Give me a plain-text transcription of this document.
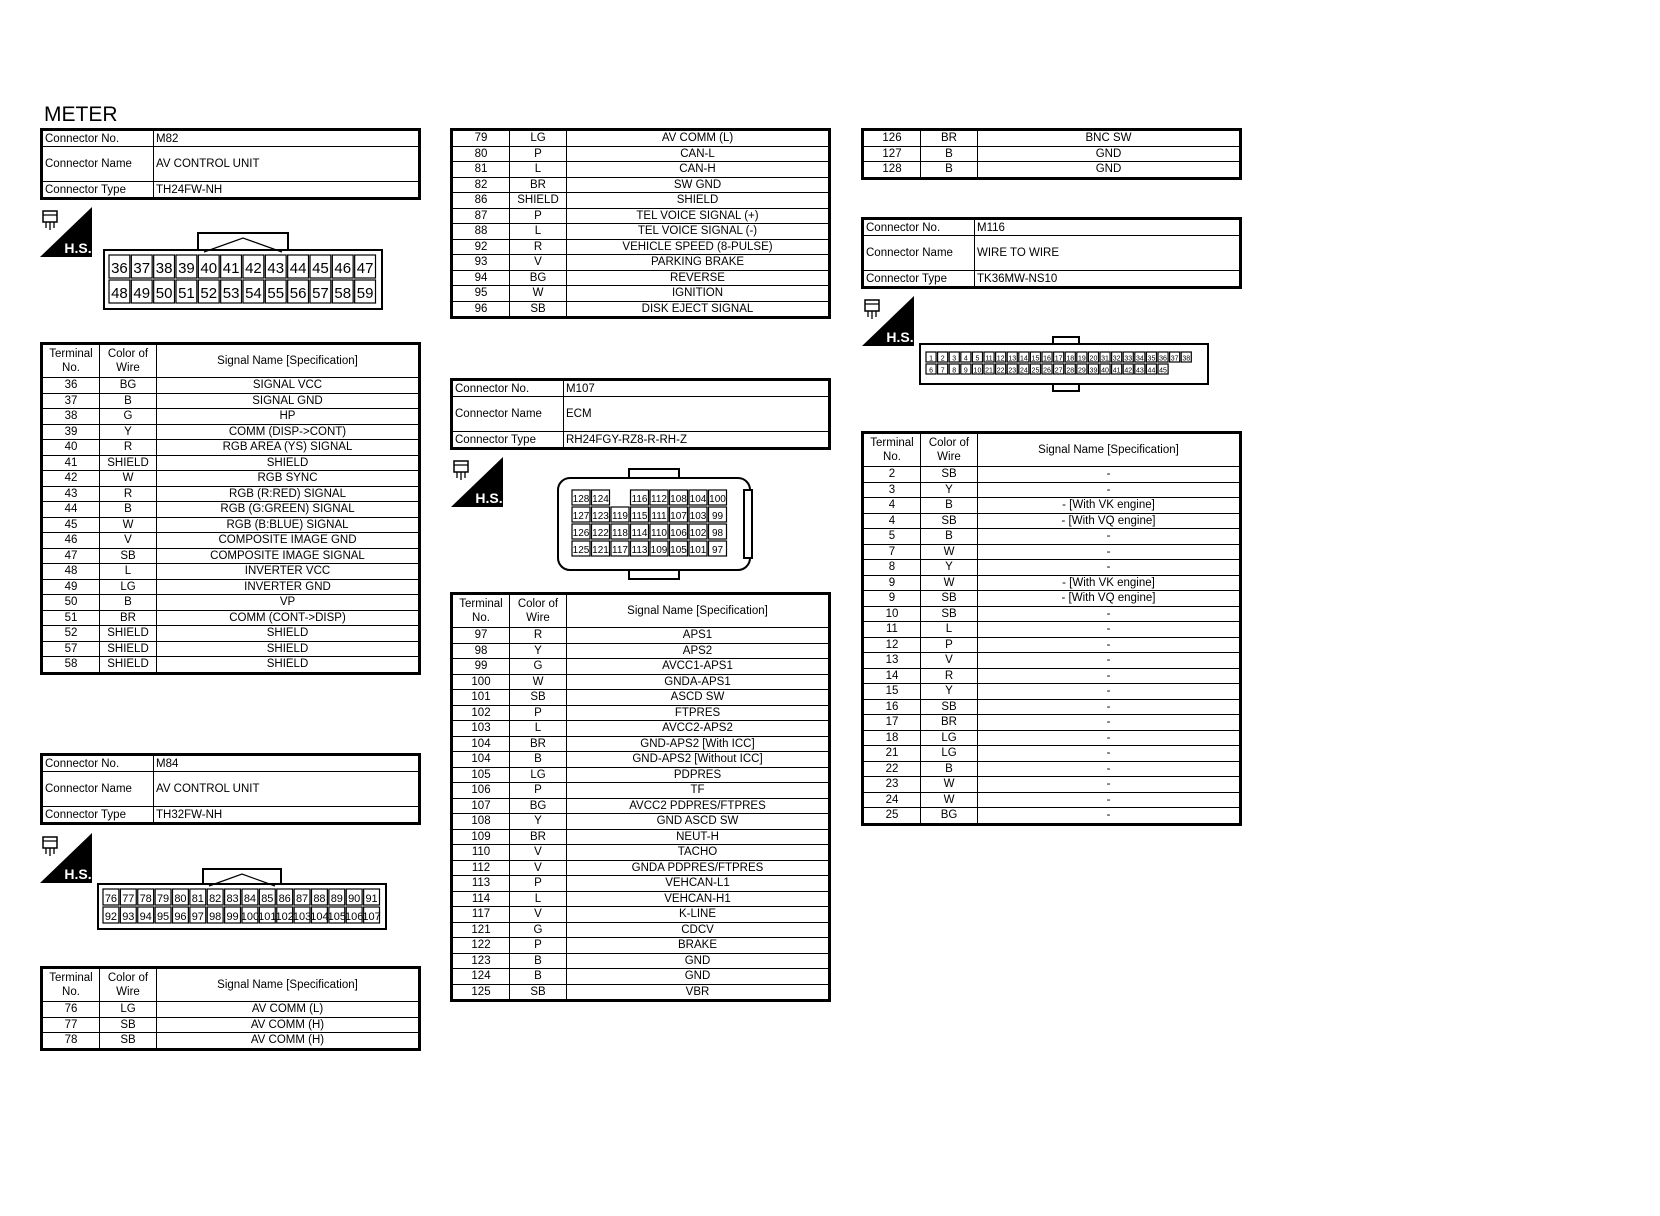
METER
Connector No.	M82
Connector Name	AV CONTROL UNIT
Connector Type	TH24FW-NH
H.S.
36 37 38 39 40 41 42 43 44 45 46 47
48 49 50 51 52 53 54 55 56 57 58 59
Terminal No.	Color of Wire	Signal Name [Specification]
36	BG	SIGNAL VCC
37	B	SIGNAL GND
38	G	HP
39	Y	COMM (DISP->CONT)
40	R	RGB AREA (YS) SIGNAL
41	SHIELD	SHIELD
42	W	RGB SYNC
43	R	RGB (R:RED) SIGNAL
44	B	RGB (G:GREEN) SIGNAL
45	W	RGB (B:BLUE) SIGNAL
46	V	COMPOSITE IMAGE GND
47	SB	COMPOSITE IMAGE SIGNAL
48	L	INVERTER VCC
49	LG	INVERTER GND
50	B	VP
51	BR	COMM (CONT->DISP)
52	SHIELD	SHIELD
57	SHIELD	SHIELD
58	SHIELD	SHIELD
Connector No.	M84
Connector Name	AV CONTROL UNIT
Connector Type	TH32FW-NH
H.S.
76 77 78 79 80 81 82 83 84 85 86 87 88 89 90 91
92 93 94 95 96 97 98 99 100 101 102 103 104 105 106 107
Terminal No.	Color of Wire	Signal Name [Specification]
76	LG	AV COMM (L)
77	SB	AV COMM (H)
78	SB	AV COMM (H)
79	LG	AV COMM (L)
80	P	CAN-L
81	L	CAN-H
82	BR	SW GND
86	SHIELD	SHIELD
87	P	TEL VOICE SIGNAL (+)
88	L	TEL VOICE SIGNAL (-)
92	R	VEHICLE SPEED (8-PULSE)
93	V	PARKING BRAKE
94	BG	REVERSE
95	W	IGNITION
96	SB	DISK EJECT SIGNAL
Connector No.	M107
Connector Name	ECM
Connector Type	RH24FGY-RZ8-R-RH-Z
H.S.	128 124 116 112 108 104 100
127 123 119 115 111 107 103 99
126 122 118 114 110 106 102 98
125 121 117 113 109 105 101 97
Terminal No.	Color of Wire	Signal Name [Specification]
97	R	APS1
98	Y	APS2
99	G	AVCC1-APS1
100	W	GNDA-APS1
101	SB	ASCD SW
102	P	FTPRES
103	L	AVCC2-APS2
104	BR	GND-APS2 [With ICC]
104	B	GND-APS2 [Without ICC]
105	LG	PDPRES
106	P	TF
107	BG	AVCC2 PDPRES/FTPRES
108	Y	GND ASCD SW
109	BR	NEUT-H
110	V	TACHO
112	V	GNDA PDPRES/FTPRES
113	P	VEHCAN-L1
114	L	VEHCAN-H1
117	V	K-LINE
121	G	CDCV
122	P	BRAKE
123	B	GND
124	B	GND
125	SB	VBR
126	BR	BNC SW
127	B	GND
128	B	GND
Connector No.	M116
Connector Name	WIRE TO WIRE
Connector Type	TK36MW-NS10
H.S.
1 2 3 4 5 11 12 13 14 15 16 17 18 19 20 31 32 33 34 35 36 37 38
6 7 8 9 10 21 22 23 24 25 26 27 28 29 39 40 41 42 43 44 45
Terminal No.	Color of Wire	Signal Name [Specification]
2	SB	-
3	Y	-
4	B	- [With VK engine]
4	SB	- [With VQ engine]
5	B	-
7	W	-
8	Y	-
9	W	- [With VK engine]
9	SB	- [With VQ engine]
10	SB	-
11	L	-
12	P	-
13	V	-
14	R	-
15	Y	-
16	SB	-
17	BR	-
18	LG	-
21	LG	-
22	B	-
23	W	-
24	W	-
25	BG	-
